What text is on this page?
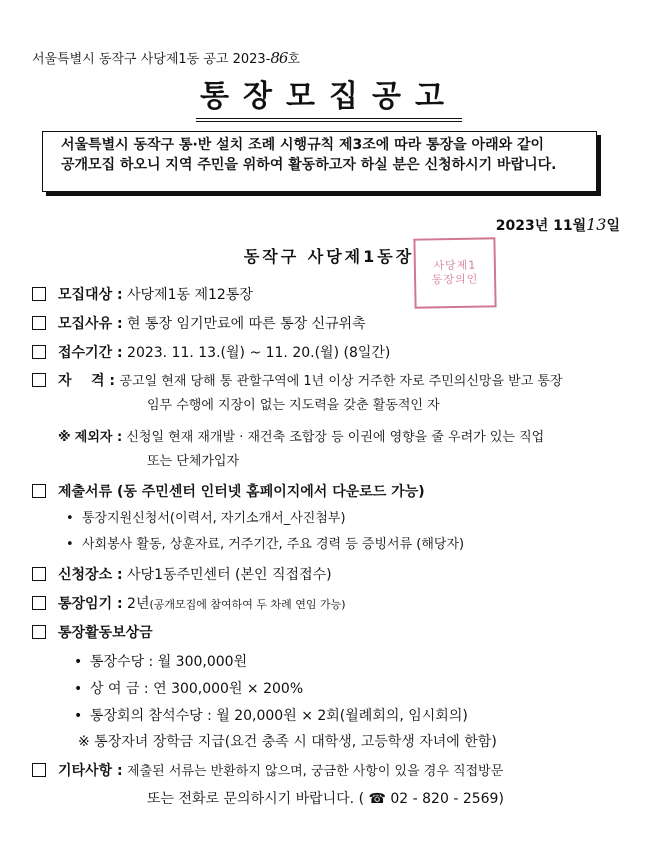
서울특별시 동작구 사당제1동 공고 2023-86호
통장모집공고
서울특별시 동작구 통·반 설치 조례 시행규칙 제3조에 따라 통장을 아래와 같이 공개모집 하오니 지역 주민을 위하여 활동하고자 하실 분은 신청하시기 바랍니다.
2023년 11월13일
동작구 사당제1동장	사당제1
동장의인
모집대상 : 사당제1동 제12통장
모집사유 : 현 통장 임기만료에 따른 통장 신규위촉
접수기간 : 2023. 11. 13.(월) ~ 11. 20.(월) (8일간)
자    격 : 공고일 현재 당해 통 관할구역에 1년 이상 거주한 자로 주민의신망을 받고 통장
임무 수행에 지장이 없는 지도력을 갖춘 활동적인 자
※ 제외자 : 신청일 현재 재개발 · 재건축 조합장 등 이권에 영향을 줄 우려가 있는 직업
또는 단체가입자
제출서류 (동 주민센터 인터넷 홈페이지에서 다운로드 가능)
• 통장지원신청서(이력서, 자기소개서_사진첨부)
• 사회봉사 활동, 상훈자료, 거주기간, 주요 경력 등 증빙서류 (해당자)
신청장소 : 사당1동주민센터 (본인 직접접수)
통장임기 : 2년(공개모집에 참여하여 두 차례 연임 가능)
통장활동보상금
• 통장수당 : 월 300,000원
• 상 여 금 : 연 300,000원 × 200%
• 통장회의 참석수당 : 월 20,000원 × 2회(월례회의, 임시회의)
※ 통장자녀 장학금 지급(요건 충족 시 대학생, 고등학생 자녀에 한함)
기타사항 : 제출된 서류는 반환하지 않으며, 궁금한 사항이 있을 경우 직접방문
또는 전화로 문의하시기 바랍니다. ( ☎ 02 - 820 - 2569)
